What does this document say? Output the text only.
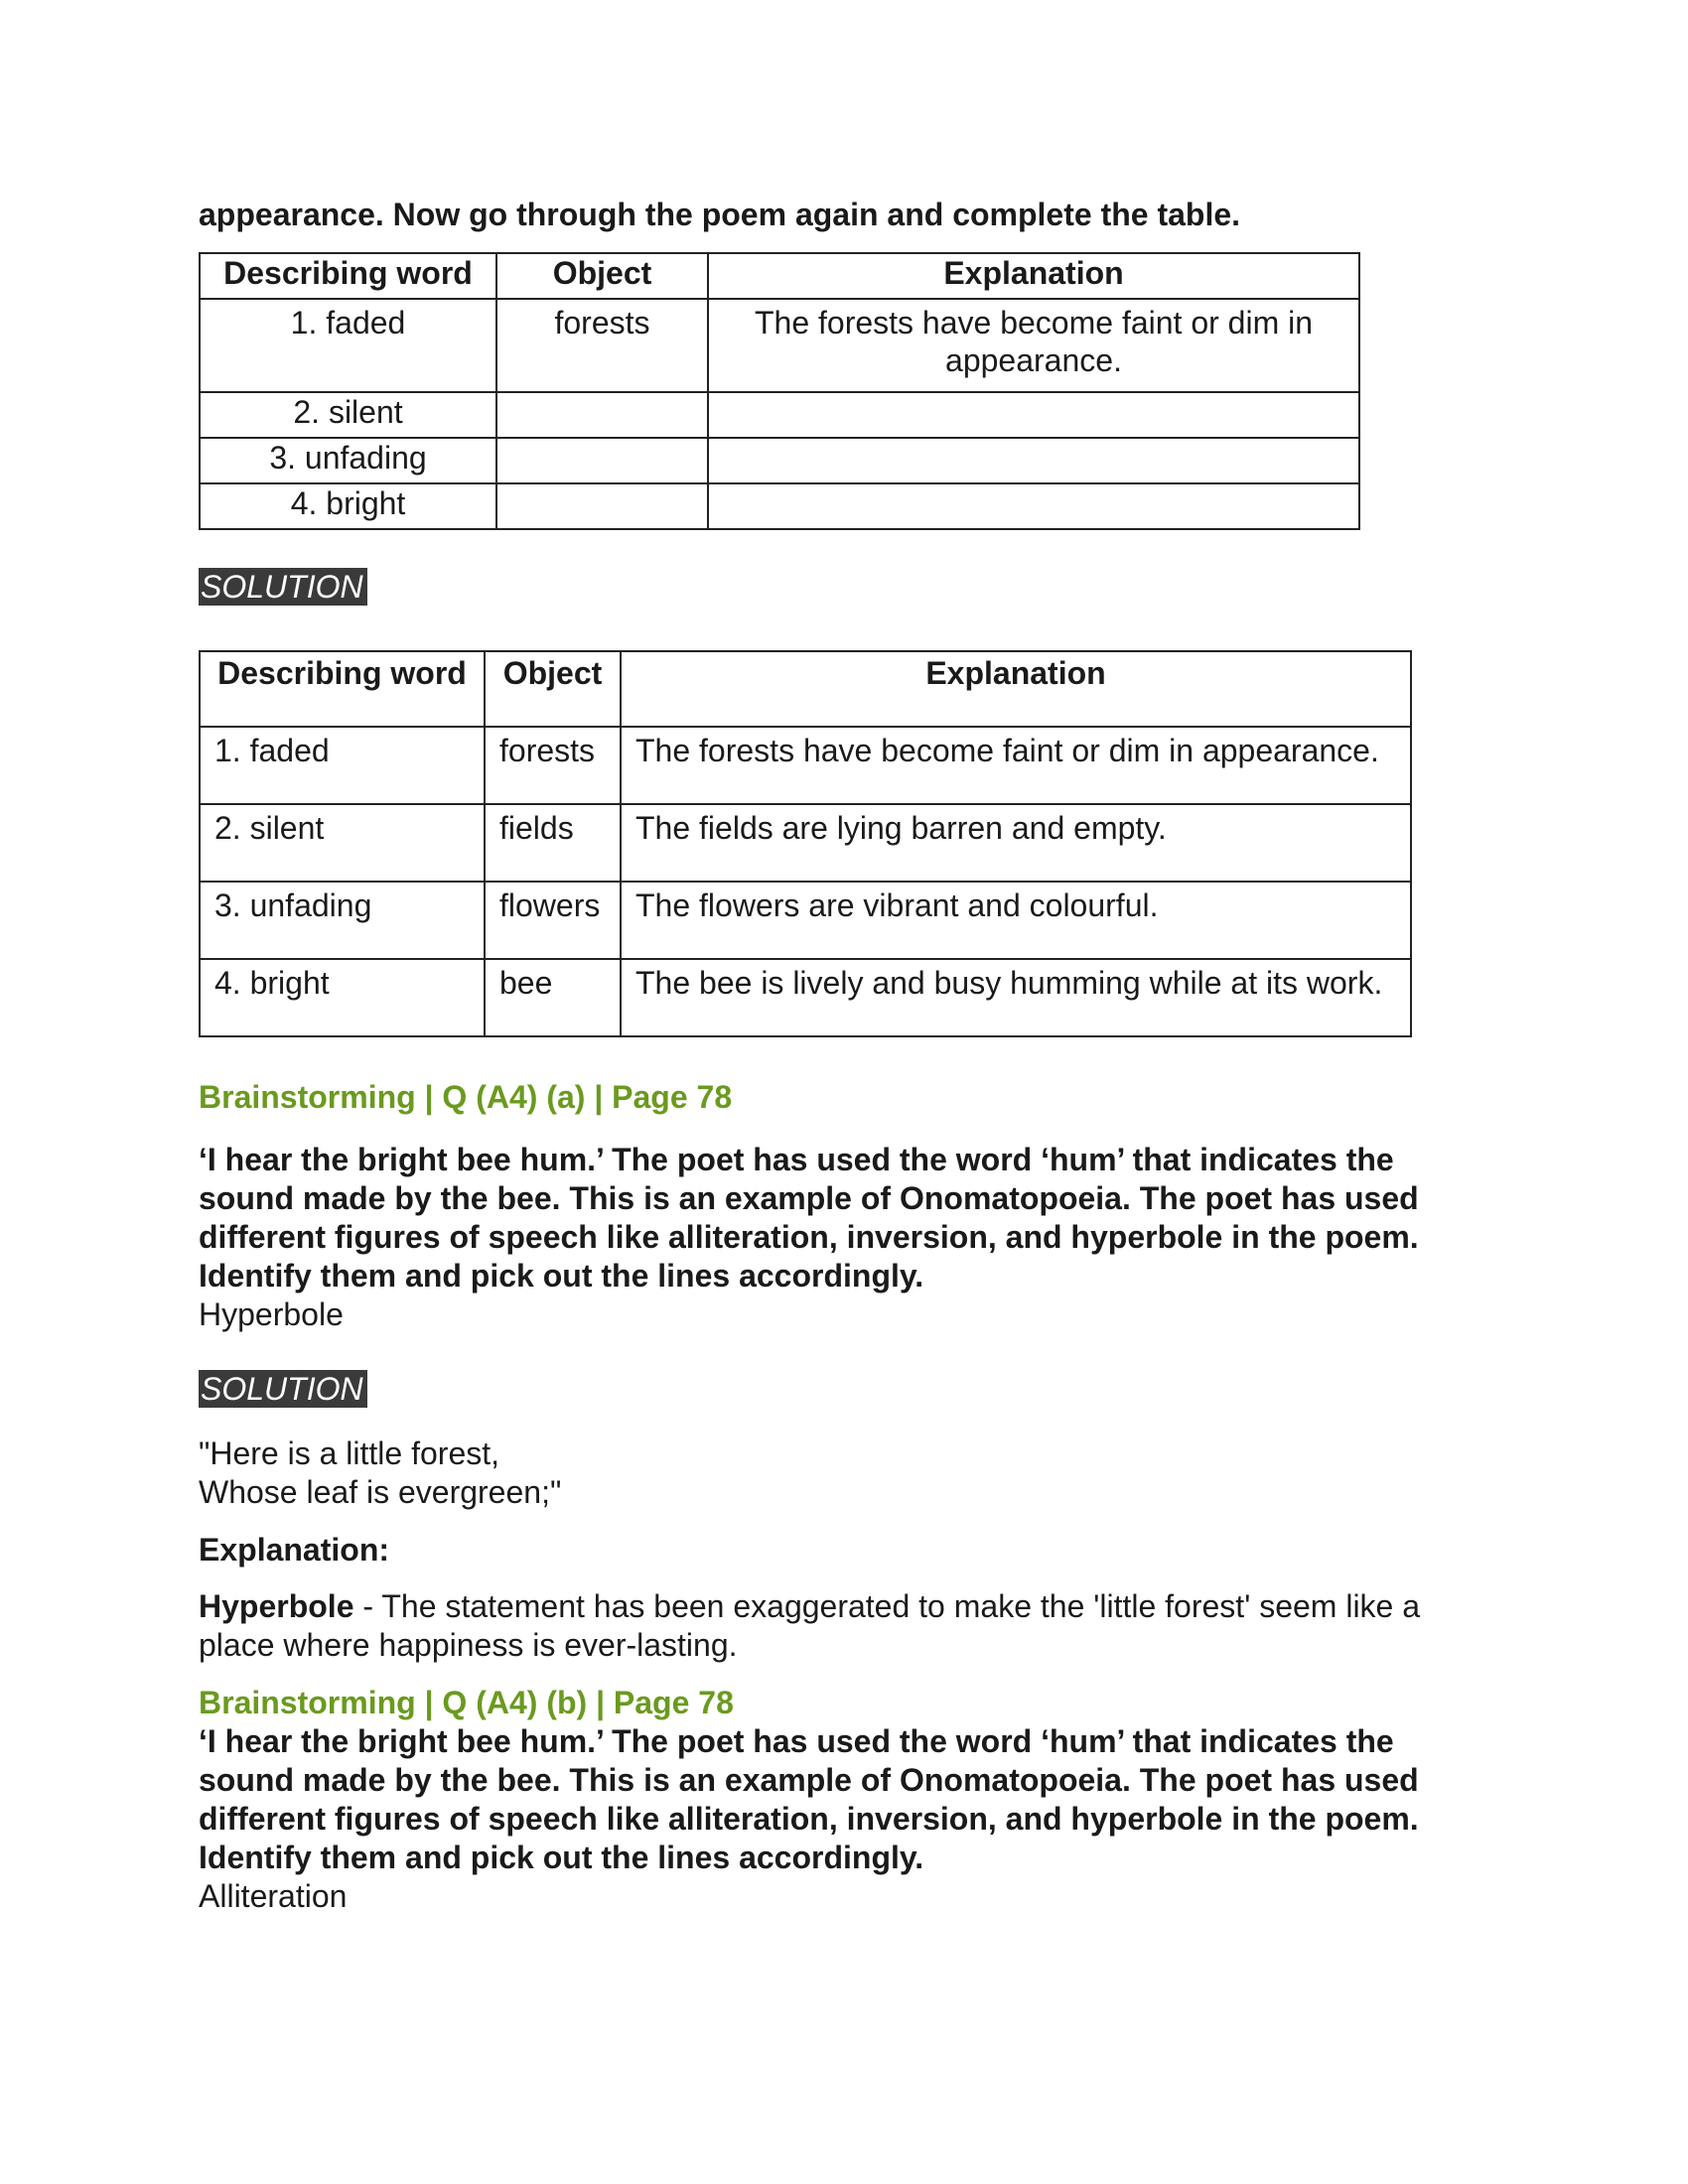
appearance. Now go through the poem again and complete the table.

Describing word	Object	Explanation
1. faded	forests	The forests have become faint or dim in appearance.
2. silent		
3. unfading		
4. bright		
SOLUTION
Describing word	Object	Explanation
1. faded	forests	The forests have become faint or dim in appearance.
2. silent	fields	The fields are lying barren and empty.
3. unfading	flowers	The flowers are vibrant and colourful.
4. bright	bee	The bee is lively and busy humming while at its work.
Brainstorming | Q (A4) (a) | Page 78
‘I hear the bright bee hum.’ The poet has used the word ‘hum’ that indicates the sound made by the bee. This is an example of Onomatopoeia. The poet has used different figures of speech like alliteration, inversion, and hyperbole in the poem. Identify them and pick out the lines accordingly.
Hyperbole
SOLUTION
"Here is a little forest,
Whose leaf is evergreen;"
Explanation:
Hyperbole - The statement has been exaggerated to make the 'little forest' seem like a place where happiness is ever-lasting.
Brainstorming | Q (A4) (b) | Page 78
‘I hear the bright bee hum.’ The poet has used the word ‘hum’ that indicates the sound made by the bee. This is an example of Onomatopoeia. The poet has used different figures of speech like alliteration, inversion, and hyperbole in the poem. Identify them and pick out the lines accordingly.
Alliteration
